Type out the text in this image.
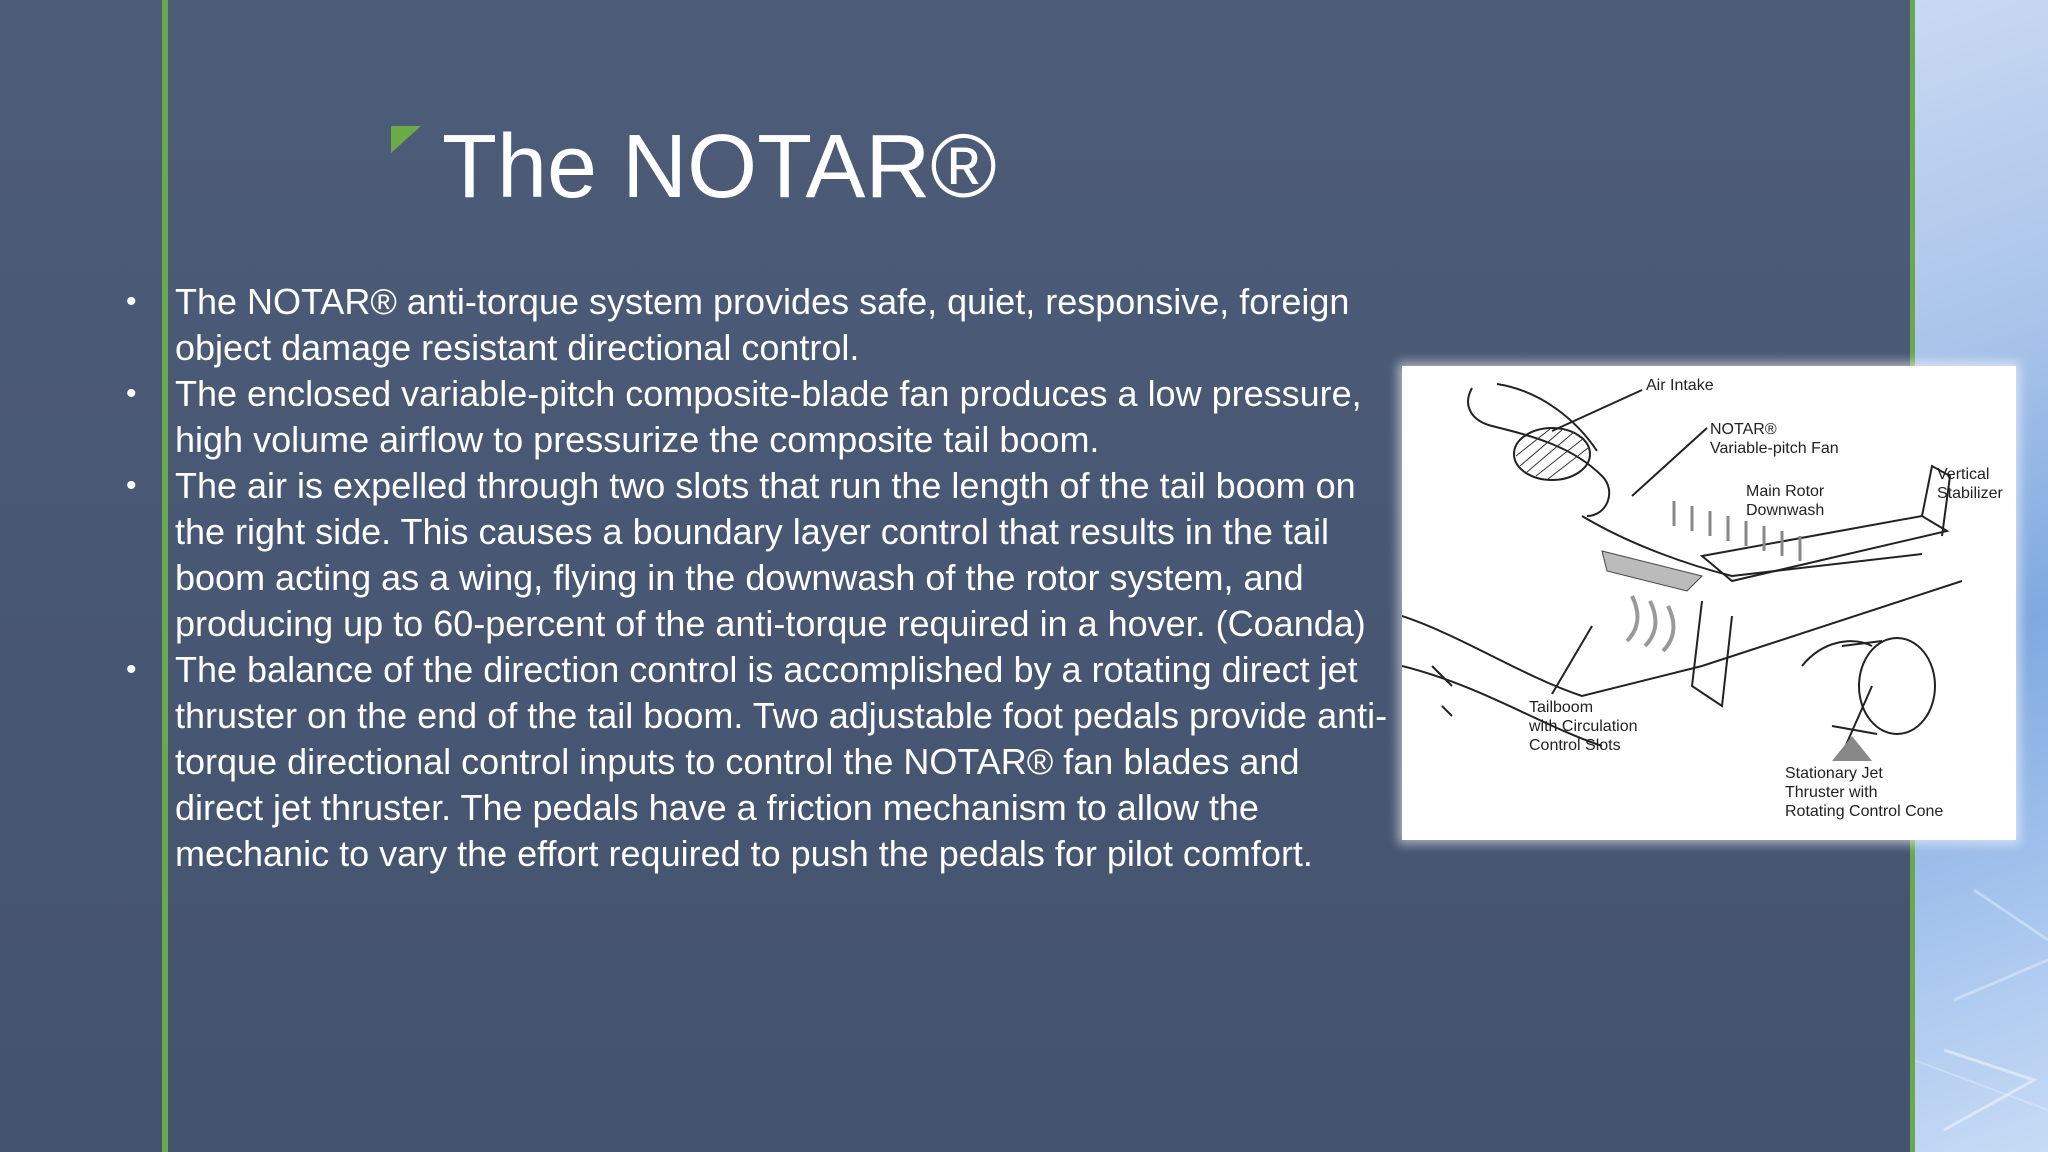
The NOTAR®
• The NOTAR® anti-torque system provides safe, quiet, responsive, foreign object damage resistant directional control.
• The enclosed variable-pitch composite-blade fan produces a low pressure, high volume airflow to pressurize the composite tail boom.
• The air is expelled through two slots that run the length of the tail boom on the right side. This causes a boundary layer control that results in the tail boom acting as a wing, flying in the downwash of the rotor system, and producing up to 60-percent of the anti-torque required in a hover. (Coanda)
• The balance of the direction control is accomplished by a rotating direct jet thruster on the end of the tail boom. Two adjustable foot pedals provide anti-torque directional control inputs to control the NOTAR® fan blades and direct jet thruster. The pedals have a friction mechanism to allow the mechanic to vary the effort required to push the pedals for pilot comfort.
Air Intake
NOTAR®
Variable-pitch Fan
Main Rotor
Downwash
Vertical
Stabilizer
Tailboom
with Circulation
Control Slots
Stationary Jet
Thruster with
Rotating Control Cone
